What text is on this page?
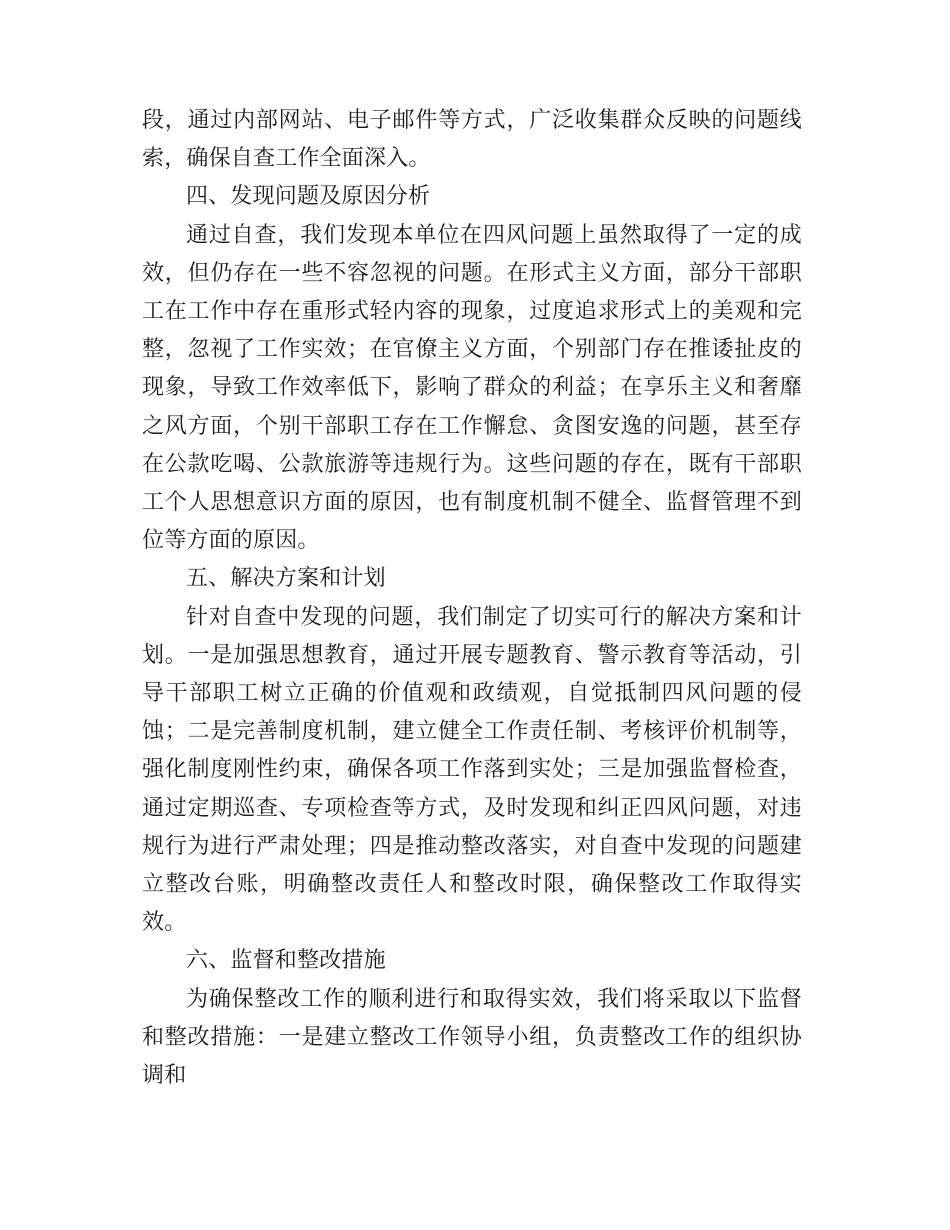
段，通过内部网站、电子邮件等方式，广泛收集群众反映的问题线索，确保自查工作全面深入。

四、发现问题及原因分析

通过自查，我们发现本单位在四风问题上虽然取得了一定的成效，但仍存在一些不容忽视的问题。在形式主义方面，部分干部职工在工作中存在重形式轻内容的现象，过度追求形式上的美观和完整，忽视了工作实效；在官僚主义方面，个别部门存在推诿扯皮的现象，导致工作效率低下，影响了群众的利益；在享乐主义和奢靡之风方面，个别干部职工存在工作懈怠、贪图安逸的问题，甚至存在公款吃喝、公款旅游等违规行为。这些问题的存在，既有干部职工个人思想意识方面的原因，也有制度机制不健全、监督管理不到位等方面的原因。

五、解决方案和计划

针对自查中发现的问题，我们制定了切实可行的解决方案和计划。一是加强思想教育，通过开展专题教育、警示教育等活动，引导干部职工树立正确的价值观和政绩观，自觉抵制四风问题的侵蚀；二是完善制度机制，建立健全工作责任制、考核评价机制等，强化制度刚性约束，确保各项工作落到实处；三是加强监督检查，通过定期巡查、专项检查等方式，及时发现和纠正四风问题，对违规行为进行严肃处理；四是推动整改落实，对自查中发现的问题建立整改台账，明确整改责任人和整改时限，确保整改工作取得实效。

六、监督和整改措施

为确保整改工作的顺利进行和取得实效，我们将采取以下监督和整改措施：一是建立整改工作领导小组，负责整改工作的组织协调和
